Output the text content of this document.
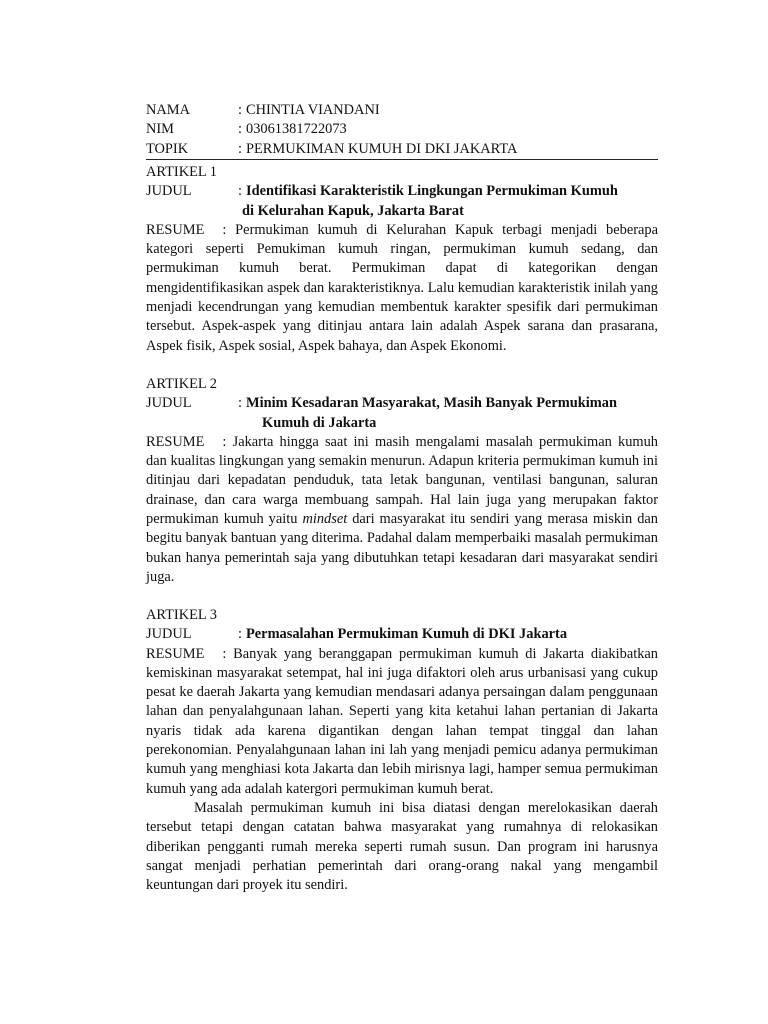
NAMA	: CHINTIA VIANDANI
NIM	: 03061381722073
TOPIK	: PERMUKIMAN KUMUH DI DKI JAKARTA
ARTIKEL 1
JUDUL	: Identifikasi Karakteristik Lingkungan Permukiman Kumuh
di Kelurahan Kapuk, Jakarta Barat

RESUME : Permukiman kumuh di Kelurahan Kapuk terbagi menjadi beberapa kategori seperti Pemukiman kumuh ringan, permukiman kumuh sedang, dan permukiman kumuh berat. Permukiman dapat di kategorikan dengan mengidentifikasikan aspek dan karakteristiknya. Lalu kemudian karakteristik inilah yang menjadi kecendrungan yang kemudian membentuk karakter spesifik dari permukiman tersebut. Aspek-aspek yang ditinjau antara lain adalah Aspek sarana dan prasarana, Aspek fisik, Aspek sosial, Aspek bahaya, dan Aspek Ekonomi.

ARTIKEL 2
JUDUL	: Minim Kesadaran Masyarakat, Masih Banyak Permukiman
Kumuh di Jakarta

RESUME : Jakarta hingga saat ini masih mengalami masalah permukiman kumuh dan kualitas lingkungan yang semakin menurun. Adapun kriteria permukiman kumuh ini ditinjau dari kepadatan penduduk, tata letak bangunan, ventilasi bangunan, saluran drainase, dan cara warga membuang sampah. Hal lain juga yang merupakan faktor permukiman kumuh yaitu mindset dari masyarakat itu sendiri yang merasa miskin dan begitu banyak bantuan yang diterima. Padahal dalam memperbaiki masalah permukiman bukan hanya pemerintah saja yang dibutuhkan tetapi kesadaran dari masyarakat sendiri juga.

ARTIKEL 3
JUDUL	: Permasalahan Permukiman Kumuh di DKI Jakarta

RESUME : Banyak yang beranggapan permukiman kumuh di Jakarta diakibatkan kemiskinan masyarakat setempat, hal ini juga difaktori oleh arus urbanisasi yang cukup pesat ke daerah Jakarta yang kemudian mendasari adanya persaingan dalam penggunaan lahan dan penyalahgunaan lahan. Seperti yang kita ketahui lahan pertanian di Jakarta nyaris tidak ada karena digantikan dengan lahan tempat tinggal dan lahan perekonomian. Penyalahgunaan lahan ini lah yang menjadi pemicu adanya permukiman kumuh yang menghiasi kota Jakarta dan lebih mirisnya lagi, hamper semua permukiman kumuh yang ada adalah katergori permukiman kumuh berat.

Masalah permukiman kumuh ini bisa diatasi dengan merelokasikan daerah tersebut tetapi dengan catatan bahwa masyarakat yang rumahnya di relokasikan diberikan pengganti rumah mereka seperti rumah susun. Dan program ini harusnya sangat menjadi perhatian pemerintah dari orang-orang nakal yang mengambil keuntungan dari proyek itu sendiri.
